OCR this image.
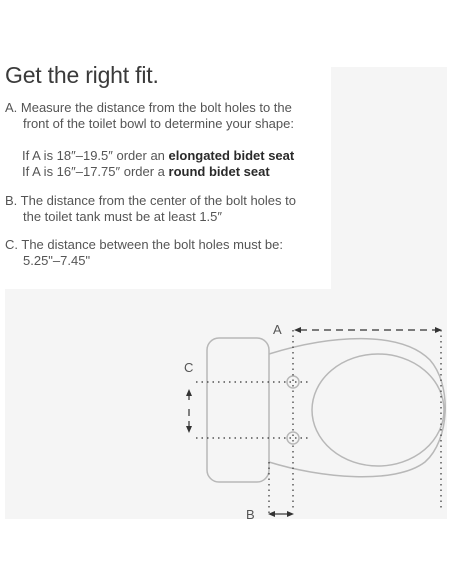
Get the right fit.
A. Measure the distance from the bolt holes to the
front of the toilet bowl to determine your shape:
If A is 18″–19.5″ order an elongated bidet seat
If A is 16″–17.75″ order a round bidet seat
B. The distance from the center of the bolt holes to
the toilet tank must be at least 1.5″
C. The distance between the bolt holes must be:
5.25"–7.45"
A
B
C
